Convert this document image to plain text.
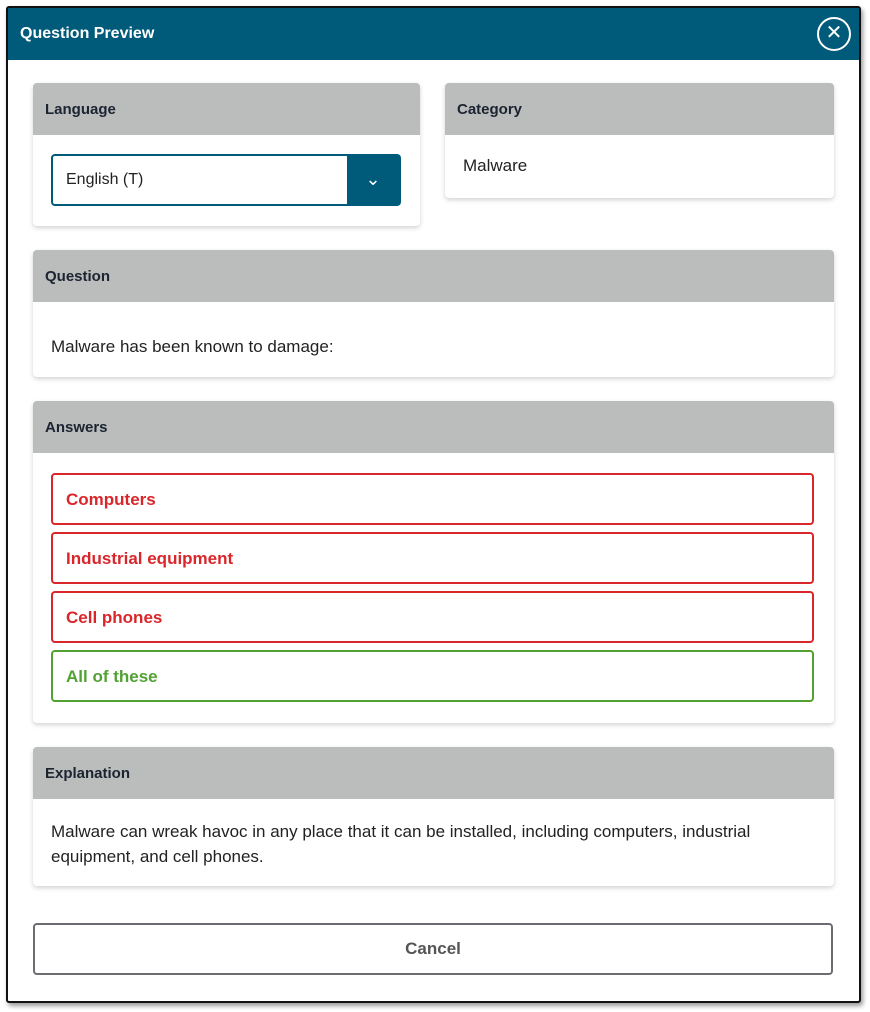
Question Preview	✕
Language
English (T)	⌄
Category
Malware
Question
Malware has been known to damage:
Answers
Computers
Industrial equipment
Cell phones
All of these
Explanation
Malware can wreak havoc in any place that it can be installed, including computers, industrial equipment, and cell phones.
Cancel
